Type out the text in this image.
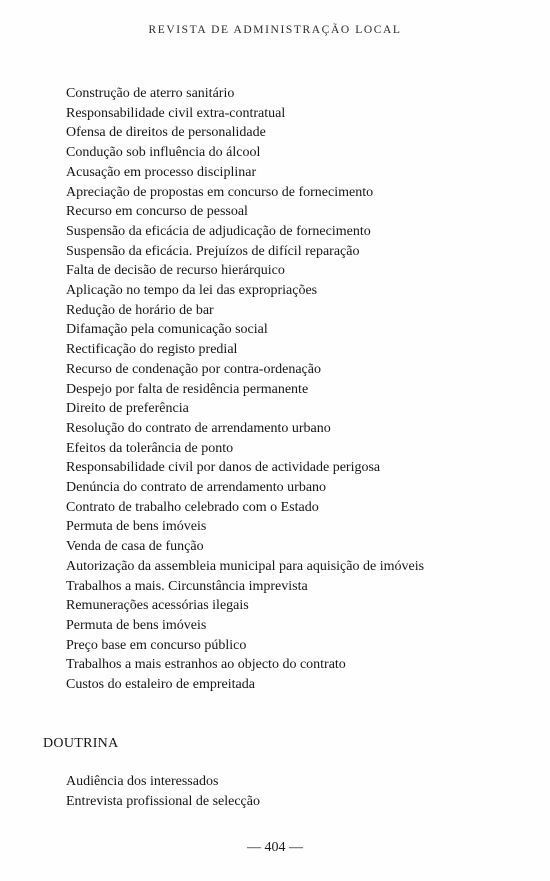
REVISTA DE ADMINISTRAÇÃO LOCAL
Construção de aterro sanitário
Responsabilidade civil extra-contratual
Ofensa de direitos de personalidade
Condução sob influência do álcool
Acusação em processo disciplinar
Apreciação de propostas em concurso de fornecimento
Recurso em concurso de pessoal
Suspensão da eficácia de adjudicação de fornecimento
Suspensão da eficácia. Prejuízos de difícil reparação
Falta de decisão de recurso hierárquico
Aplicação no tempo da lei das expropriações
Redução de horário de bar
Difamação pela comunicação social
Rectificação do registo predial
Recurso de condenação por contra-ordenação
Despejo por falta de residência permanente
Direito de preferência
Resolução do contrato de arrendamento urbano
Efeitos da tolerância de ponto
Responsabilidade civil por danos de actividade perigosa
Denúncia do contrato de arrendamento urbano
Contrato de trabalho celebrado com o Estado
Permuta de bens imóveis
Venda de casa de função
Autorização da assembleia municipal para aquisição de imóveis
Trabalhos a mais. Circunstância imprevista
Remunerações acessórias ilegais
Permuta de bens imóveis
Preço base em concurso público
Trabalhos a mais estranhos ao objecto do contrato
Custos do estaleiro de empreitada
DOUTRINA
Audiência dos interessados
Entrevista profissional de selecção
— 404 —
